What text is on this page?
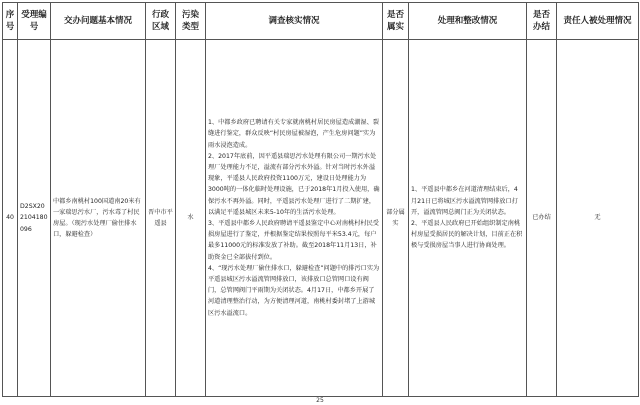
序号	受理编号	交办问题基本情况	行政区域	污染类型	调查核实情况	是否属实	处理和整改情况	是否办结	责任人被处理情况

40	D2SX202104180096	中都乡南桃村100国道南20米有一家瑞思污水厂，污水毒了村民房屋。（现污水处理厂偷住排水口，躲避检查）	晋中市平遥县	水	1、中都乡政府已聘请有关专家就南桃村居民房屋造成潮湿、裂缝进行鉴定，群众反映“村民房屋被湿泡，产生危房问题”实为雨水浸泡造成。
2、2017年底前，因平遥县瑞思污水处理有限公司一期污水处理厂处理能力不足，溢流有部分污水外溢。针对当时污水外溢现象，平遥县人民政府投资1100万元，建设日处理能力为3000吨的一体化临时处理设施，已于2018年1月投入使用，确保污水不再外溢。同时，平遥县污水处理厂进行了二期扩建，以满足平遥县城区未来5-10年的生活污水处理。
3、平遥县中都乡人民政府聘请平遥县鉴定中心对南桃村村民受损房屋进行了鉴定，并根据鉴定结果按照每平米53.4元，每户最多11000元的标准发放了补助。截至2018年11月13日，补助资金已全部拔付到位。
4、“现污水处理厂偷住排水口，躲避检查”问题中的排污口实为平遥县城区污水溢流管网排放口，该排放口总管网口设有阀门，总管网阀门平雨期为关闭状态。4月17日，中都乡开展了河道清理整治行动，为方便清理河道，南桃村委封堵了上游城区污水溢流口。	部分属实	1、平遥县中都乡在河道清理结束后，4月21日已将城区污水溢流管网排放口打开，溢流管网总阀门正为关闭状态。
2、平遥县人民政府已开始组织制定南桃村房屋受损居民的解决计划，目前正在积极与受损房屋当事人进行协商处理。	已办结	无
25
